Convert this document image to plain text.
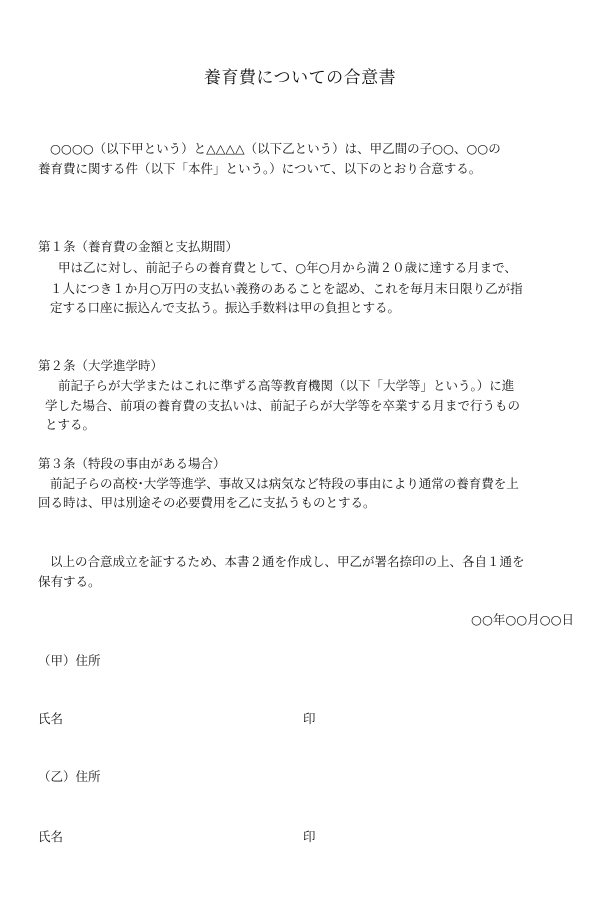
養育費についての合意書
○○○○（以下甲という）と△△△△（以下乙という）は、甲乙間の子○○、○○の
養育費に関する件（以下「本件」という。）について、以下のとおり合意する。
第１条（養育費の金額と支払期間）
甲は乙に対し、前記子らの養育費として、○年○月から満２０歳に達する月まで、
１人につき１か月○万円の支払い義務のあることを認め、これを毎月末日限り乙が指
定する口座に振込んで支払う。振込手数料は甲の負担とする。
第２条（大学進学時）
前記子らが大学またはこれに準ずる高等教育機関（以下「大学等」という。）に進
学した場合、前項の養育費の支払いは、前記子らが大学等を卒業する月まで行うもの
とする。
第３条（特段の事由がある場合）
前記子らの高校･大学等進学、事故又は病気など特段の事由により通常の養育費を上
回る時は、甲は別途その必要費用を乙に支払うものとする。
以上の合意成立を証するため、本書２通を作成し、甲乙が署名捺印の上、各自１通を
保有する。
○○年○○月○○日
（甲）住所
氏名	印
（乙）住所
氏名	印
